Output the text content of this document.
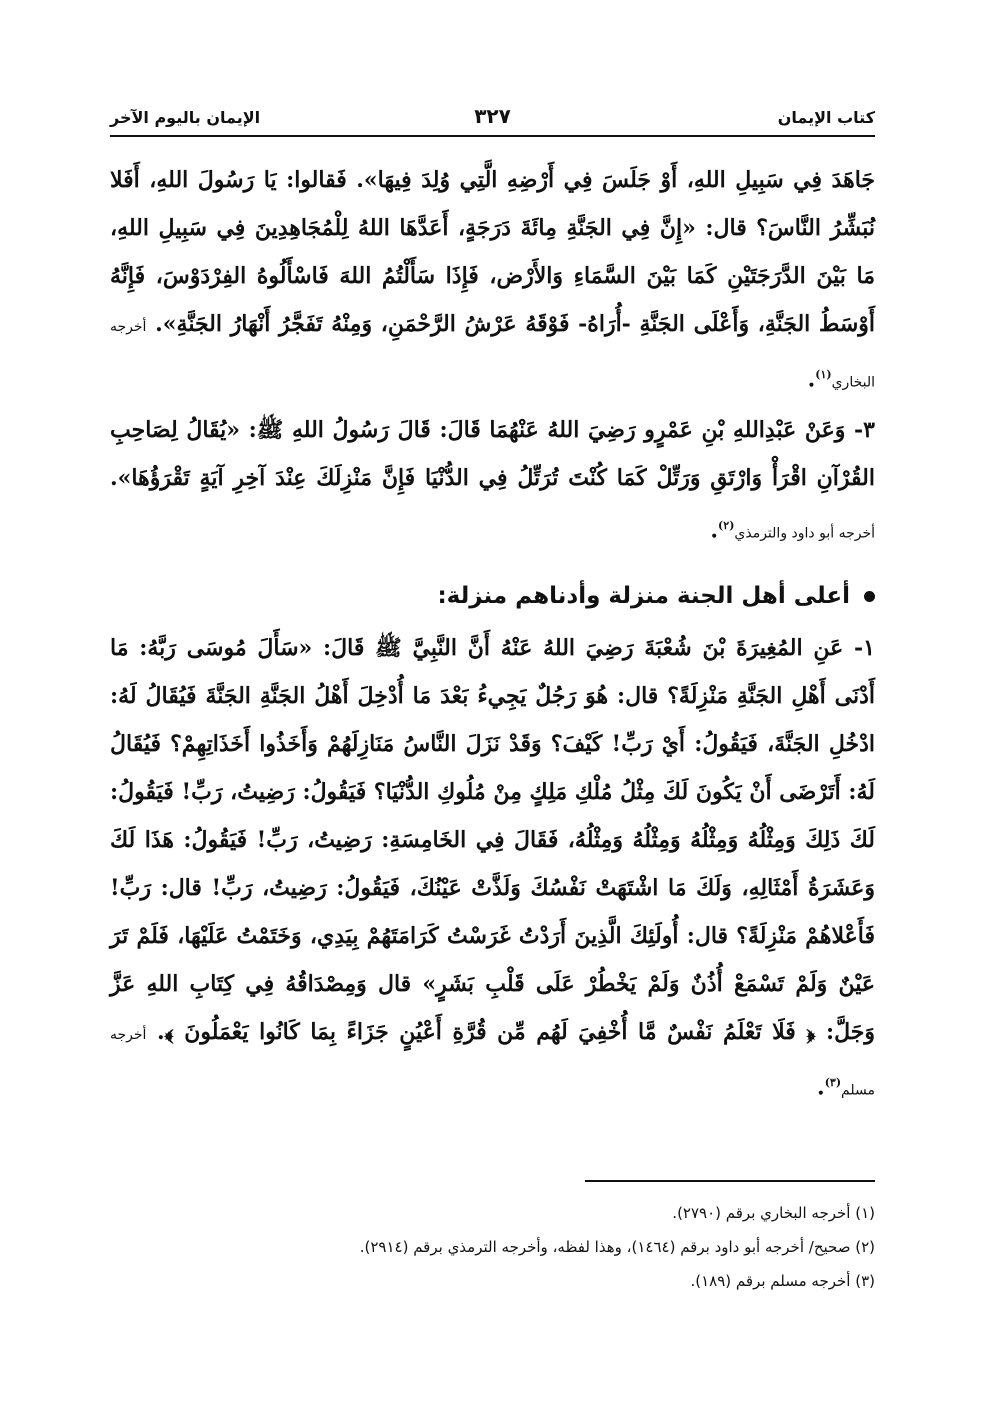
كتاب الإيمان
٣٢٧
الإيمان باليوم الآخر

جَاهَدَ فِي سَبِيلِ اللهِ، أَوْ جَلَسَ فِي أَرْضِهِ الَّتِي وُلِدَ فِيهَا». فَقالوا: يَا رَسُولَ اللهِ، أَفَلا نُبَشِّرُ النَّاسَ؟ قال: «إِنَّ فِي الجَنَّةِ مِائَةَ دَرَجَةٍ، أَعَدَّهَا اللهُ لِلْمُجَاهِدِينَ فِي سَبِيلِ اللهِ، مَا بَيْنَ الدَّرَجَتَيْنِ كَمَا بَيْنَ السَّمَاءِ وَالأَرْض، فَإِذَا سَأَلْتُمُ اللهَ فَاسْأَلُوهُ الفِرْدَوْسَ، فَإِنَّهُ أَوْسَطُ الجَنَّةِ، وَأَعْلَى الجَنَّةِ -أُرَاهُ- فَوْقَهُ عَرْشُ الرَّحْمَنِ، وَمِنْهُ تَفَجَّرُ أَنْهَارُ الجَنَّةِ». أخرجه البخاري$^{(١)}$.

٣- وَعَنْ عَبْدِاللهِ بْنِ عَمْرٍو رَضِيَ اللهُ عَنْهُمَا قَالَ: قَالَ رَسُولُ اللهِ ﷺ: «يُقَالُ لِصَاحِبِ القُرْآنِ اقْرَأْ وَارْتَقِ وَرَتِّلْ كَمَا كُنْتَ تُرَتِّلُ فِي الدُّنْيَا فَإِنَّ مَنْزِلَكَ عِنْدَ آخِرِ آيَةٍ تَقْرَؤُهَا». أخرجه أبو داود والترمذي$^{(٢)}$.

أعلى أهل الجنة منزلة وأدناهم منزلة:

١- عَنِ المُغِيرَةَ بْنَ شُعْبَةَ رَضِيَ اللهُ عَنْهُ أَنَّ النَّبِيَّ ﷺ قَالَ: «سَأَلَ مُوسَى رَبَّهُ: مَا أَدْنَى أَهْلِ الجَنَّةِ مَنْزِلَةً؟ قال: هُوَ رَجُلٌ يَجِيءُ بَعْدَ مَا أُدْخِلَ أَهْلُ الجَنَّةِ الجَنَّةَ فَيُقَالُ لَهُ: ادْخُلِ الجَنَّةَ، فَيَقُولُ: أَيْ رَبِّ! كَيْفَ؟ وَقَدْ نَزَلَ النَّاسُ مَنَازِلَهُمْ وَأَخَذُوا أَخَذَاتِهِمْ؟ فَيُقَالُ لَهُ: أَتَرْضَى أَنْ يَكُونَ لَكَ مِثْلُ مُلْكِ مَلِكٍ مِنْ مُلُوكِ الدُّنْيَا؟ فَيَقُولُ: رَضِيتُ، رَبِّ! فَيَقُولُ: لَكَ ذَلِكَ وَمِثْلُهُ وَمِثْلُهُ وَمِثْلُهُ وَمِثْلُهُ، فَقَالَ فِي الخَامِسَةِ: رَضِيتُ، رَبِّ! فَيَقُولُ: هَذَا لَكَ وَعَشَرَةُ أَمْثَالِهِ، وَلَكَ مَا اشْتَهَتْ نَفْسُكَ وَلَذَّتْ عَيْنُكَ، فَيَقُولُ: رَضِيتُ، رَبِّ! قال: رَبِّ! فَأَعْلاهُمْ مَنْزِلَةً؟ قال: أُولَئِكَ الَّذِينَ أَرَدْتُ غَرَسْتُ كَرَامَتَهُمْ بِيَدِي، وَخَتَمْتُ عَلَيْهَا، فَلَمْ تَرَ عَيْنٌ وَلَمْ تَسْمَعْ أُذُنٌ وَلَمْ يَخْطُرْ عَلَى قَلْبِ بَشَرٍ» قال وَمِصْدَاقُهُ فِي كِتَابِ اللهِ عَزَّ وَجَلَّ: ﴿ فَلَا تَعْلَمُ نَفْسٌ مَّا أُخْفِيَ لَهُم مِّن قُرَّةِ أَعْيُنٍ جَزَاءً بِمَا كَانُوا يَعْمَلُونَ ﴾. أخرجه مسلم$^{(٣)}$.

(١) أخرجه البخاري برقم (٢٧٩٠).

(٢) صحيح/ أخرجه أبو داود برقم (١٤٦٤)، وهذا لفظه، وأخرجه الترمذي برقم (٢٩١٤).

(٣) أخرجه مسلم برقم (١٨٩).
